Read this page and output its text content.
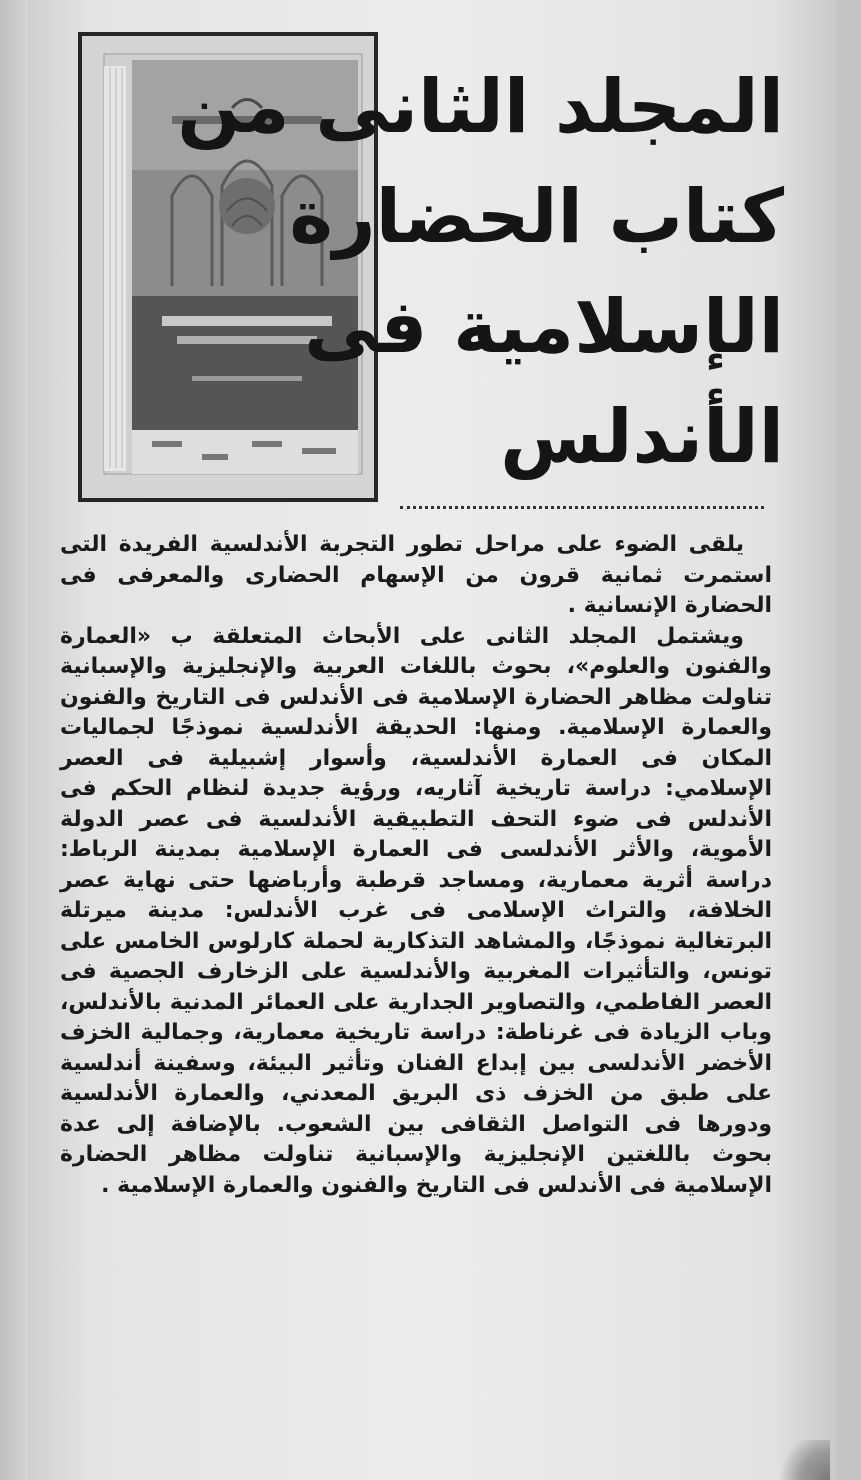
المجلد الثانى من
كتاب الحضارة
الإسلامية فى
الأندلس

يلقى الضوء على مراحل تطور التجربة الأندلسية الفريدة التى استمرت ثمانية قرون من الإسهام الحضارى والمعرفى فى الحضارة الإنسانية .

ويشتمل المجلد الثانى على الأبحاث المتعلقة ب «العمارة والفنون والعلوم»، بحوث باللغات العربية والإنجليزية والإسبانية تناولت مظاهر الحضارة الإسلامية فى الأندلس فى التاريخ والفنون والعمارة الإسلامية. ومنها: الحديقة الأندلسية نموذجًا لجماليات المكان فى العمارة الأندلسية، وأسوار إشبيلية فى العصر الإسلامي: دراسة تاريخية آثاريه، ورؤية جديدة لنظام الحكم فى الأندلس فى ضوء التحف التطبيقية الأندلسية فى عصر الدولة الأموية، والأثر الأندلسى فى العمارة الإسلامية بمدينة الرباط: دراسة أثرية معمارية، ومساجد قرطبة وأرباضها حتى نهاية عصر الخلافة، والتراث الإسلامى فى غرب الأندلس: مدينة ميرتلة البرتغالية نموذجًا، والمشاهد التذكارية لحملة كارلوس الخامس على تونس، والتأثيرات المغربية والأندلسية على الزخارف الجصية فى العصر الفاطمي، والتصاوير الجدارية على العمائر المدنية بالأندلس، وباب الزيادة فى غرناطة: دراسة تاريخية معمارية، وجمالية الخزف الأخضر الأندلسى بين إبداع الفنان وتأثير البيئة، وسفينة أندلسية على طبق من الخزف ذى البريق المعدني، والعمارة الأندلسية ودورها فى التواصل الثقافى بين الشعوب. بالإضافة إلى عدة بحوث باللغتين الإنجليزية والإسبانية تناولت مظاهر الحضارة الإسلامية فى الأندلس فى التاريخ والفنون والعمارة الإسلامية .
